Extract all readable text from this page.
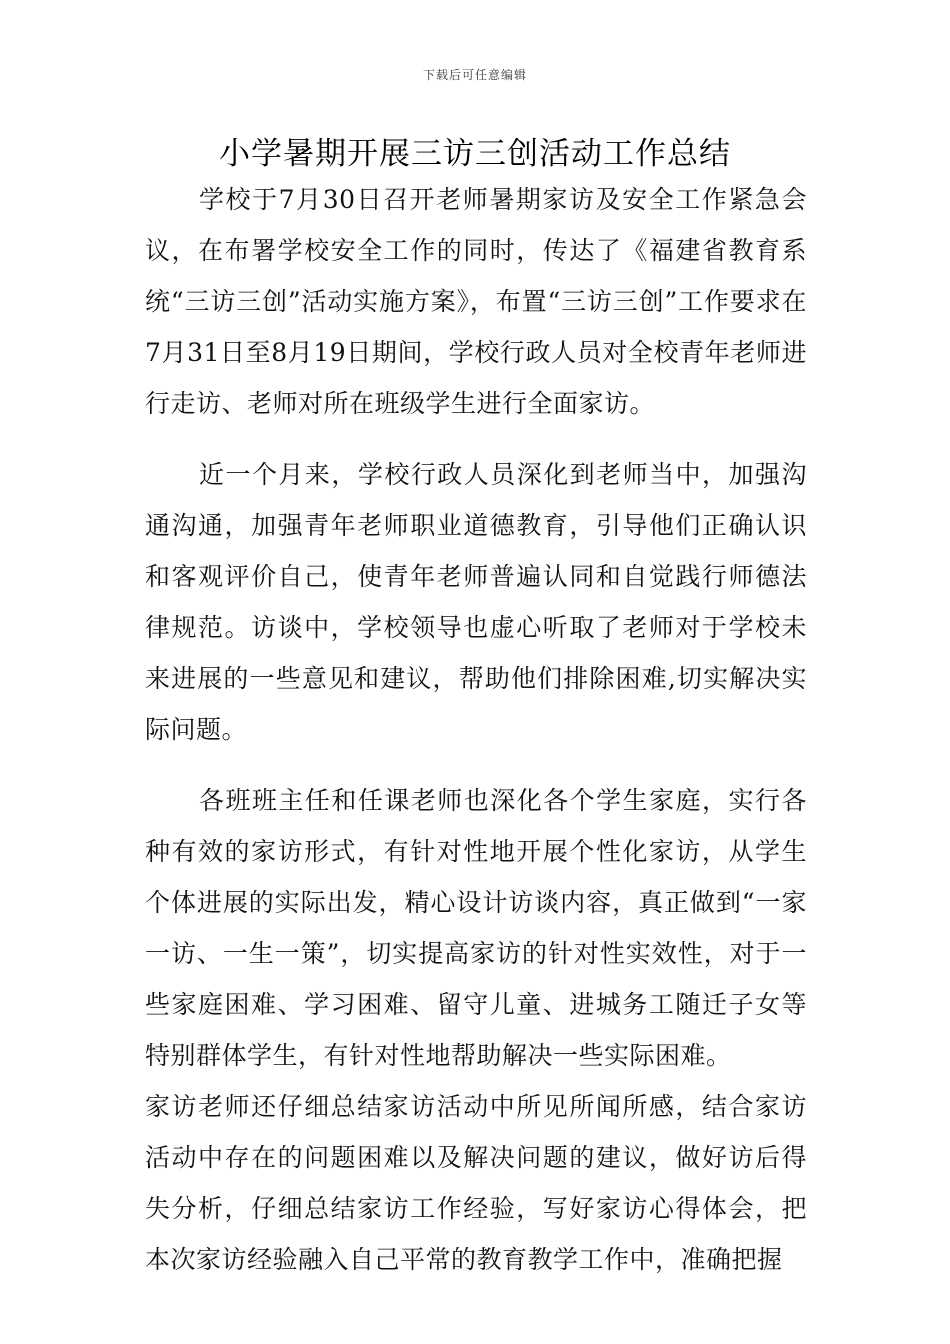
下载后可任意编辑
小学暑期开展三访三创活动工作总结

学校于7月30日召开老师暑期家访及安全工作紧急会议，在布署学校安全工作的同时，传达了《福建省教育系统“三访三创”活动实施方案》，布置“三访三创”工作要求在7月31日至8月19日期间，学校行政人员对全校青年老师进行走访、老师对所在班级学生进行全面家访。

近一个月来，学校行政人员深化到老师当中，加强沟通沟通，加强青年老师职业道德教育，引导他们正确认识和客观评价自己，使青年老师普遍认同和自觉践行师德法律规范。访谈中，学校领导也虚心听取了老师对于学校未来进展的一些意见和建议，帮助他们排除困难,切实解决实际问题。

各班班主任和任课老师也深化各个学生家庭，实行各种有效的家访形式，有针对性地开展个性化家访，从学生个体进展的实际出发，精心设计访谈内容，真正做到“一家一访、一生一策”，切实提高家访的针对性实效性，对于一些家庭困难、学习困难、留守儿童、进城务工随迁子女等特别群体学生，有针对性地帮助解决一些实际困难。

家访老师还仔细总结家访活动中所见所闻所感，结合家访活动中存在的问题困难以及解决问题的建议，做好访后得失分析，仔细总结家访工作经验，写好家访心得体会，把本次家访经验融入自己平常的教育教学工作中，准确把握
